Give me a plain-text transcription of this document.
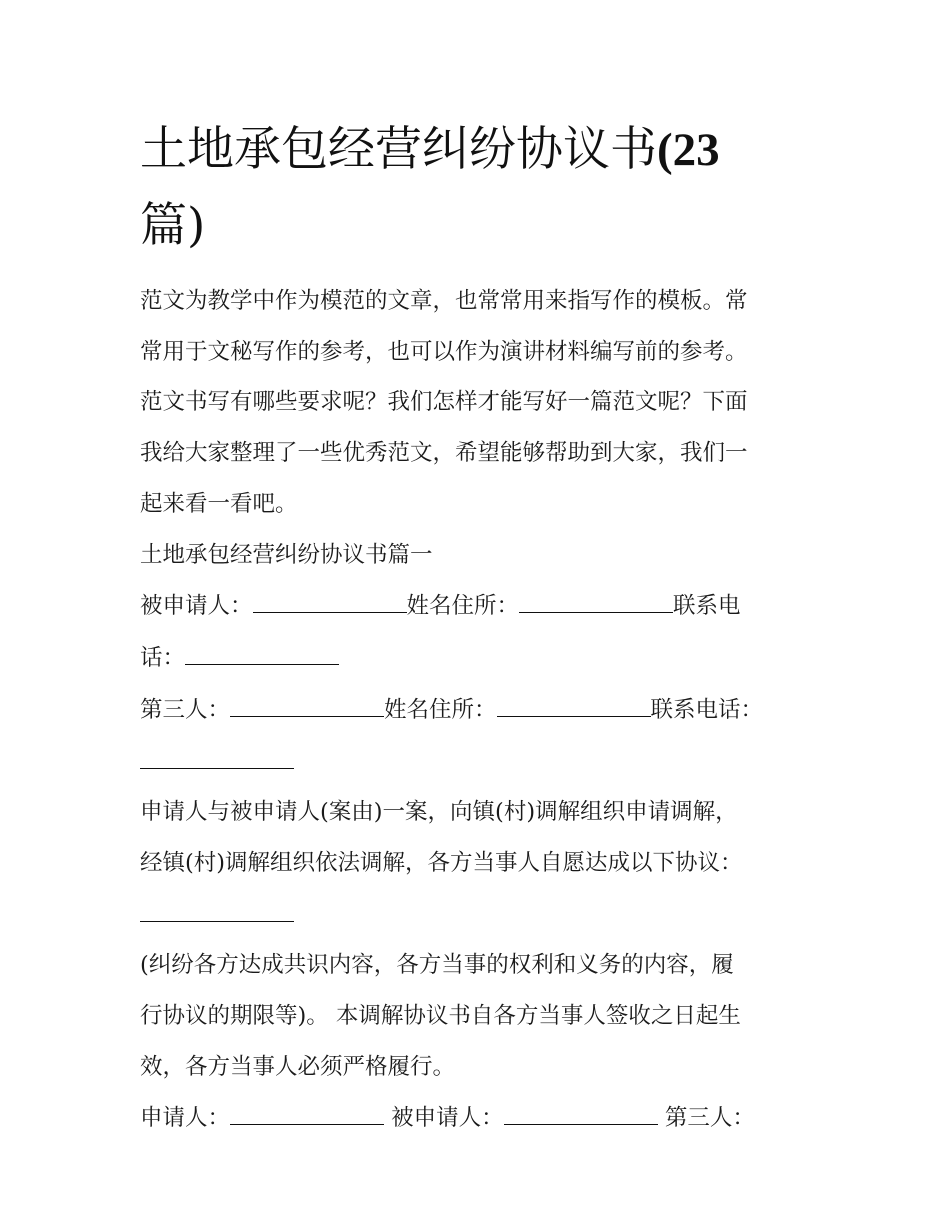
土地承包经营纠纷协议书(23
篇)

范文为教学中作为模范的文章，也常常用来指写作的模板。常

常用于文秘写作的参考，也可以作为演讲材料编写前的参考。

范文书写有哪些要求呢？我们怎样才能写好一篇范文呢？下面

我给大家整理了一些优秀范文，希望能够帮助到大家，我们一

起来看一看吧。

土地承包经营纠纷协议书篇一

被申请人：	姓名住所：	联系电

话：

第三人：	姓名住所：	联系电话：

申请人与被申请人(案由)一案，向镇(村)调解组织申请调解，

经镇(村)调解组织依法调解，各方当事人自愿达成以下协议：

(纠纷各方达成共识内容，各方当事的权利和义务的内容，履

行协议的期限等)。 本调解协议书自各方当事人签收之日起生

效，各方当事人必须严格履行。

申请人：	被申请人：	第三人：
